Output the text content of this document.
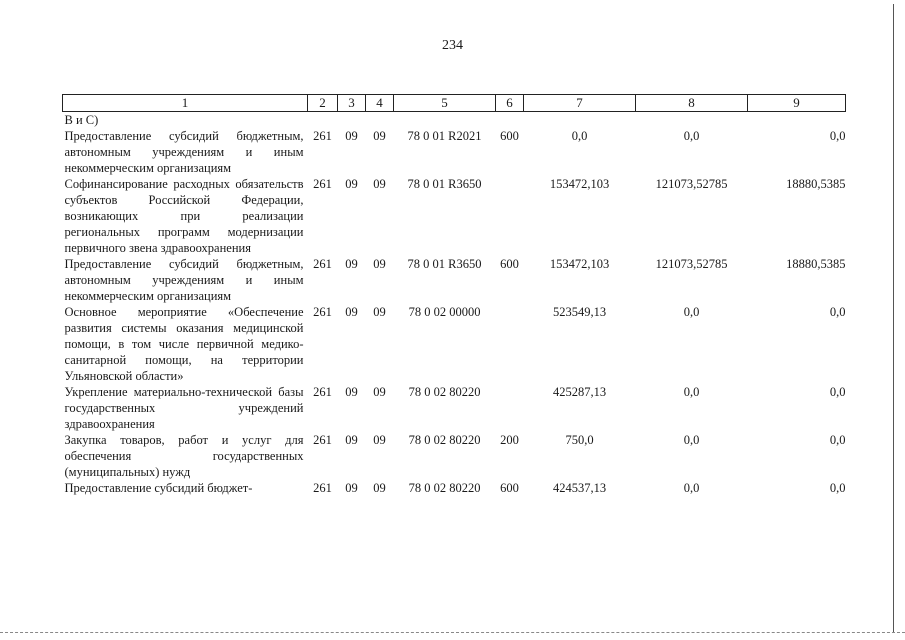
234
1	2	3	4	5	6	7	8	9
В и С)								
Предоставление субсидий бюджетным, автономным учреждениям и иным некоммерческим организациям	261	09	09	78 0 01 R2021	600	0,0	0,0	0,0
Софинансирование расходных обязательств субъектов Российской Федерации, возникающих при реализации региональных программ модернизации первичного звена здравоохранения	261	09	09	78 0 01 R3650		153472,103	121073,52785	18880,5385
Предоставление субсидий бюджетным, автономным учреждениям и иным некоммерческим организациям	261	09	09	78 0 01 R3650	600	153472,103	121073,52785	18880,5385
Основное мероприятие «Обеспечение развития системы оказания медицинской помощи, в том числе первичной медико-санитарной помощи, на территории Ульяновской области»	261	09	09	78 0 02 00000		523549,13	0,0	0,0
Укрепление материально-технической базы государственных учреждений здравоохранения	261	09	09	78 0 02 80220		425287,13	0,0	0,0
Закупка товаров, работ и услуг для обеспечения государственных (муниципальных) нужд	261	09	09	78 0 02 80220	200	750,0	0,0	0,0
Предоставление субсидий бюджет-	261	09	09	78 0 02 80220	600	424537,13	0,0	0,0
